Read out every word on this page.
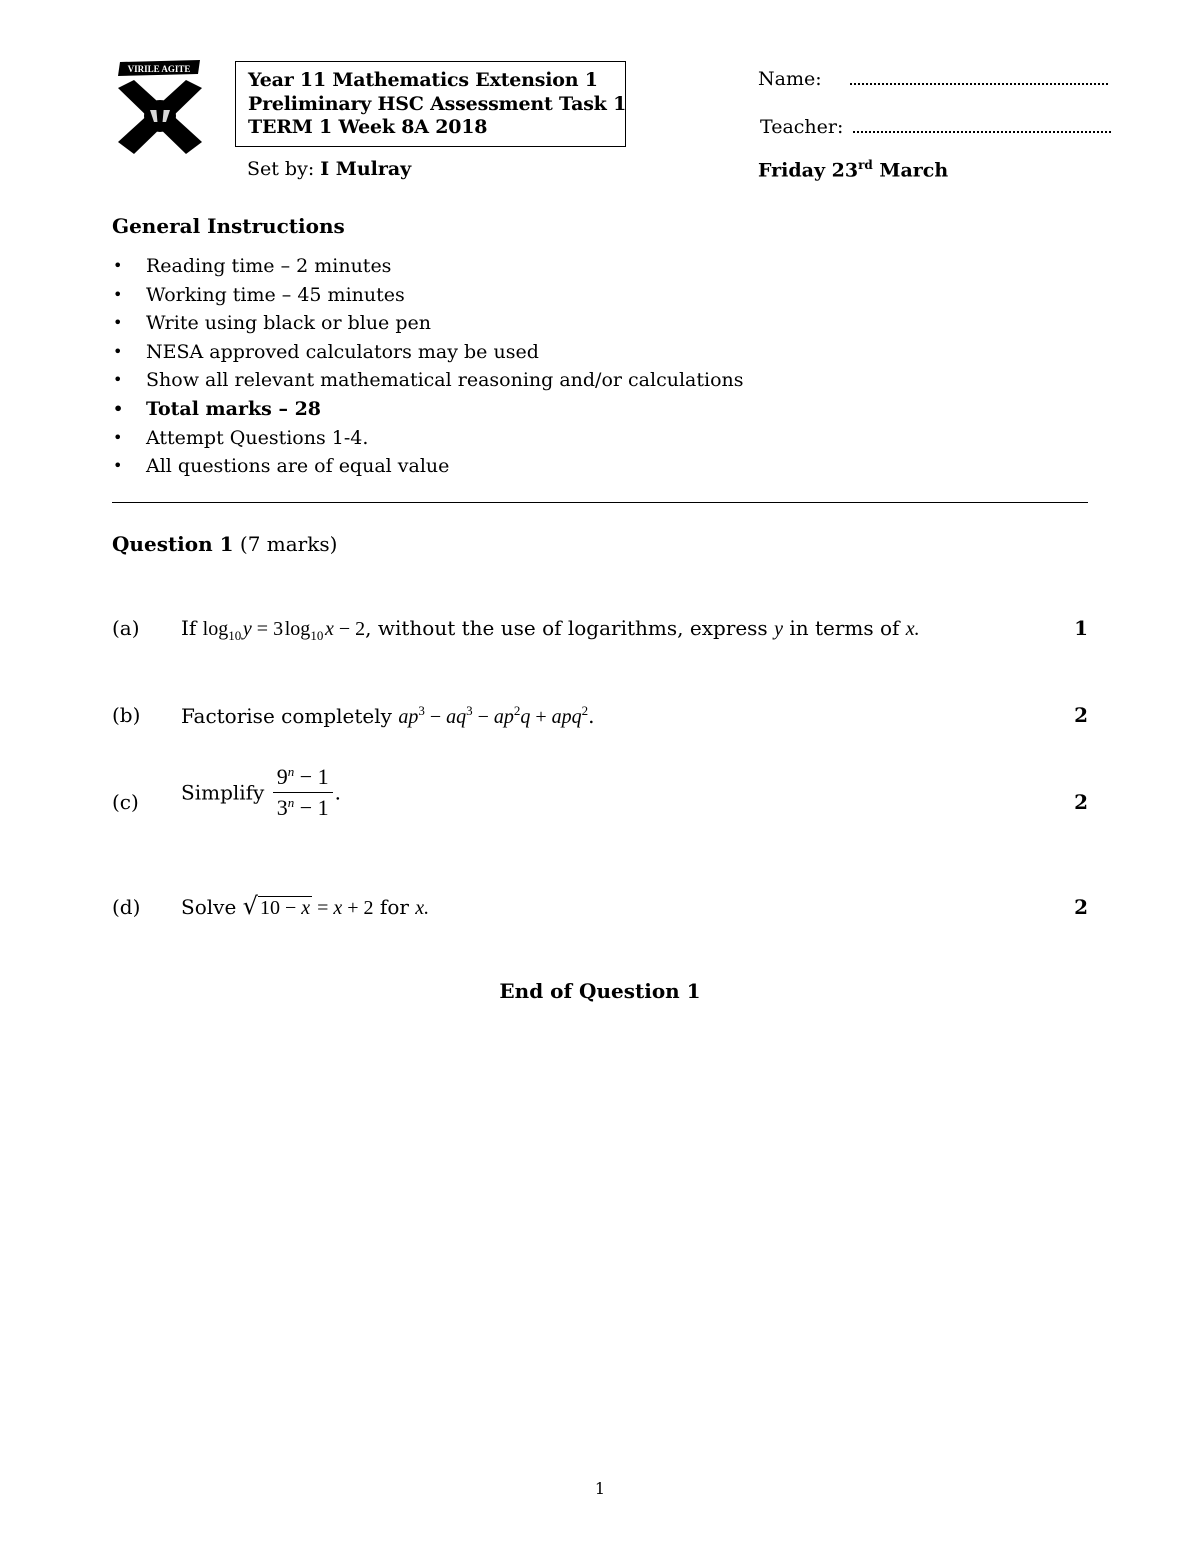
VIRILE AGITE	Year 11 Mathematics Extension 1
Preliminary HSC Assessment Task 1
TERM 1 Week 8A 2018
Name:
Teacher:
Set by: I Mulray	Friday 23rd March
General Instructions
• Reading time – 2 minutes
• Working time – 45 minutes
• Write using black or blue pen
• NESA approved calculators may be used
• Show all relevant mathematical reasoning and/or calculations
• Total marks – 28
• Attempt Questions 1-4.
• All questions are of equal value
Question 1 (7 marks)
(a) If $\log_{10}$ y = 3 $\log_{10}$ x − 2, without the use of logarithms, express y in terms of x.	1
(b) Factorise completely $ap^3 - aq^3 - ap^2q + apq^2$.	2
(c) Simplify $\frac{9^n - 1}{3^n - 1}$ .	2
(d) Solve √ 10 − x = x + 2 for x.	2
End of Question 1
1
